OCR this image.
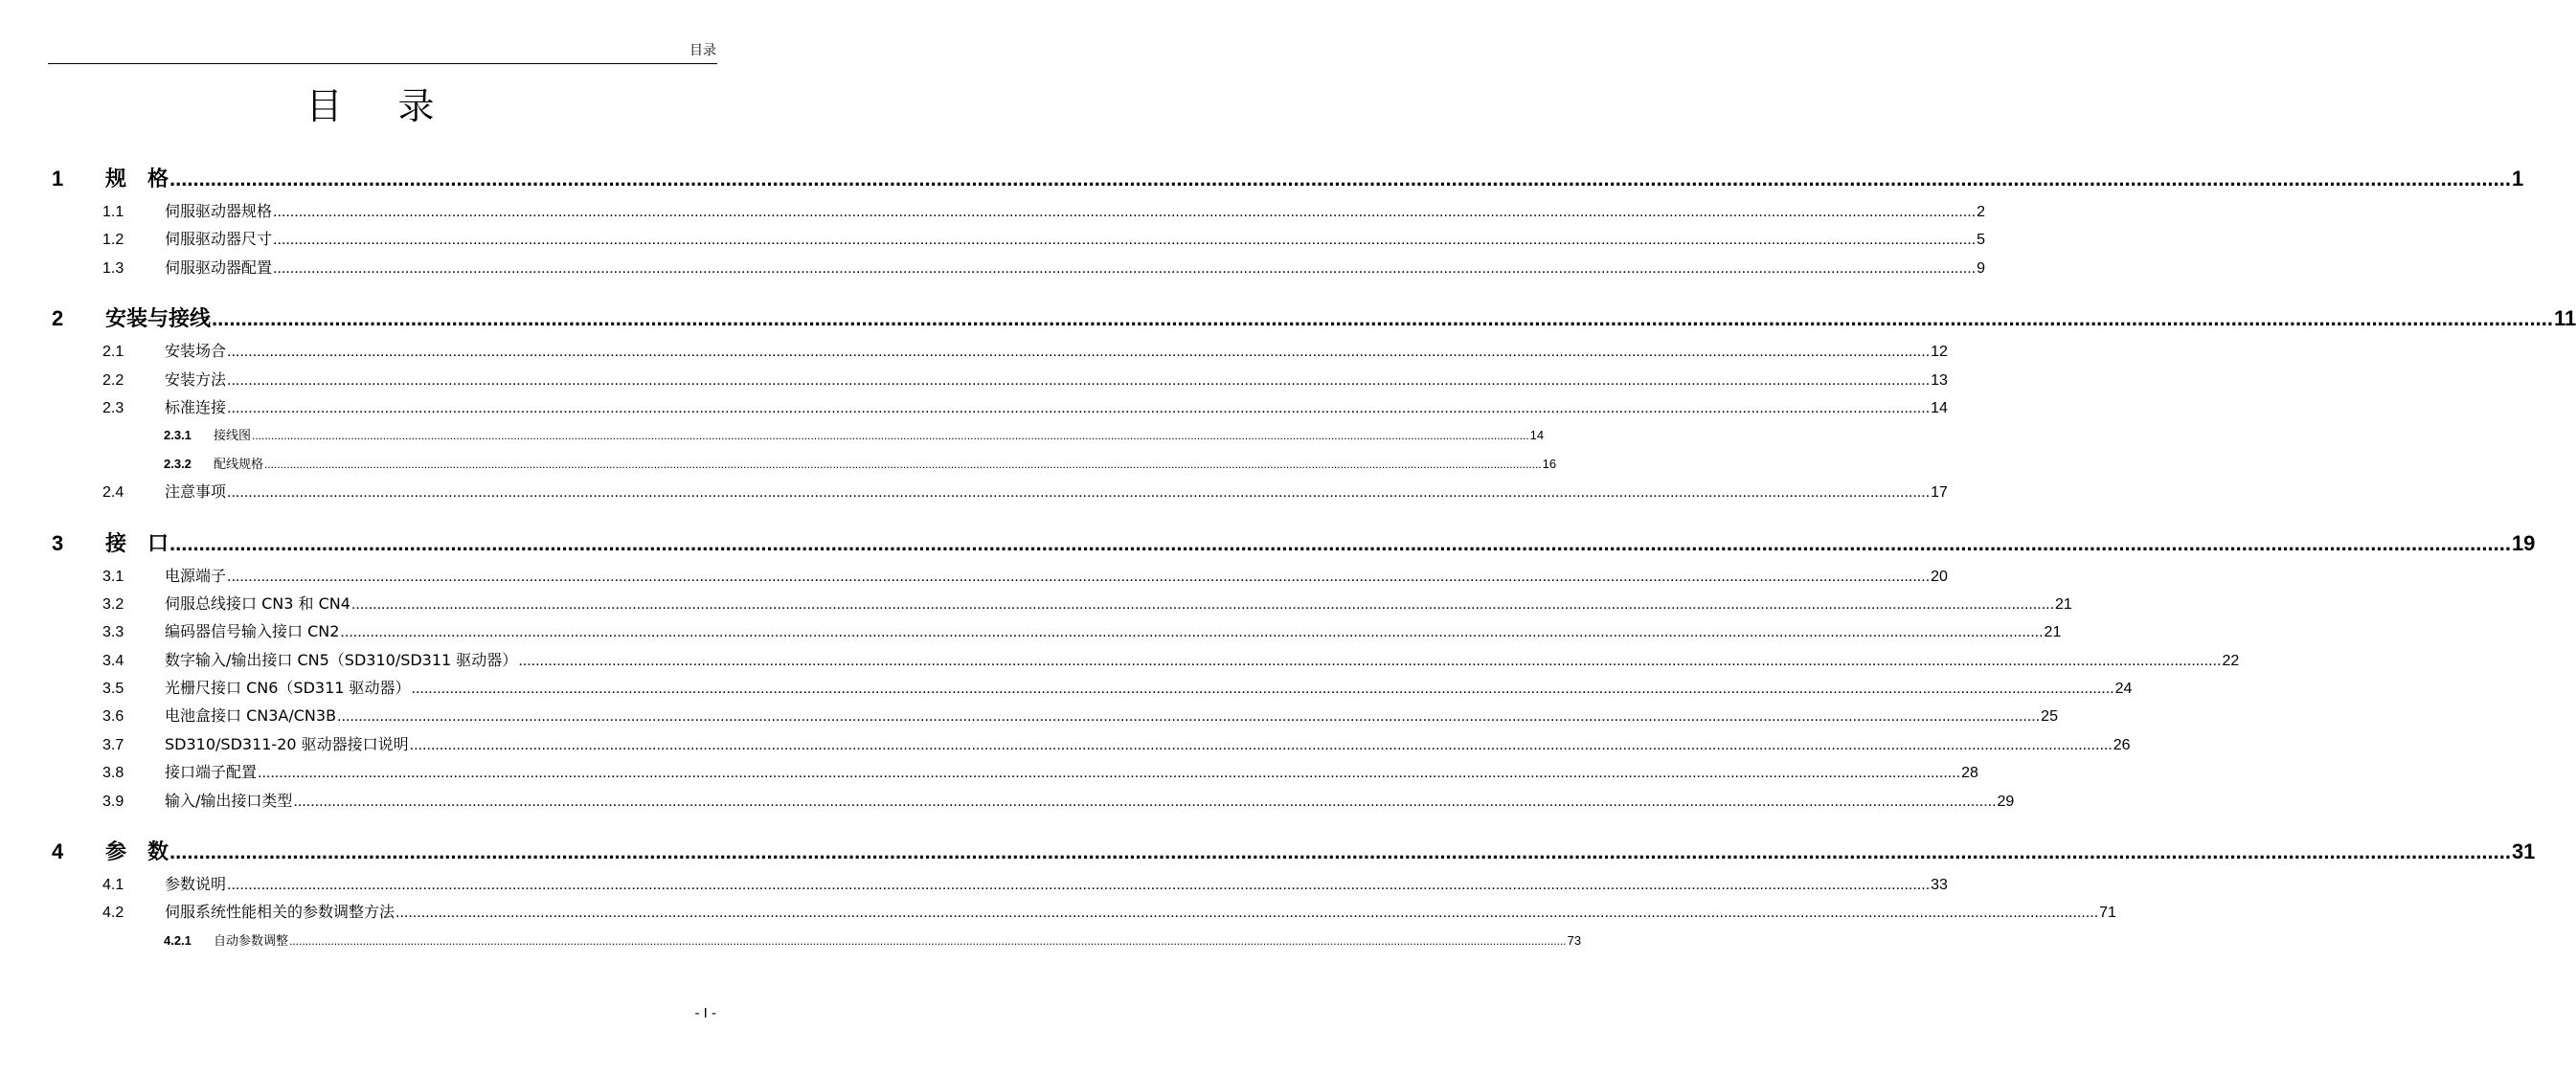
目录
目录
1	规　格 ................................................................................................................................................................................................................................................................................................................................................................................................................ 1
1.1	伺服驱动器规格 ................................................................................................................................................................................................................................................................................................................................................................................................................ 2
1.2	伺服驱动器尺寸 ................................................................................................................................................................................................................................................................................................................................................................................................................ 5
1.3	伺服驱动器配置 ................................................................................................................................................................................................................................................................................................................................................................................................................ 9
2	安装与接线 ................................................................................................................................................................................................................................................................................................................................................................................................................ 11
2.1	安装场合 ................................................................................................................................................................................................................................................................................................................................................................................................................ 12
2.2	安装方法 ................................................................................................................................................................................................................................................................................................................................................................................................................ 13
2.3	标准连接 ................................................................................................................................................................................................................................................................................................................................................................................................................ 14
2.3.1	接线图 ................................................................................................................................................................................................................................................................................................................................................................................................................ 14
2.3.2	配线规格 ................................................................................................................................................................................................................................................................................................................................................................................................................ 16
2.4	注意事项 ................................................................................................................................................................................................................................................................................................................................................................................................................ 17
3	接　口 ................................................................................................................................................................................................................................................................................................................................................................................................................ 19
3.1	电源端子 ................................................................................................................................................................................................................................................................................................................................................................................................................ 20
3.2	伺服总线接口 CN3 和 CN4 ................................................................................................................................................................................................................................................................................................................................................................................................................ 21
3.3	编码器信号输入接口 CN2 ................................................................................................................................................................................................................................................................................................................................................................................................................ 21
3.4	数字输入/输出接口 CN5（SD310/SD311 驱动器） ................................................................................................................................................................................................................................................................................................................................................................................................................ 22
3.5	光栅尺接口 CN6（SD311 驱动器） ................................................................................................................................................................................................................................................................................................................................................................................................................ 24
3.6	电池盒接口 CN3A/CN3B ................................................................................................................................................................................................................................................................................................................................................................................................................ 25
3.7	SD310/SD311-20 驱动器接口说明 ................................................................................................................................................................................................................................................................................................................................................................................................................ 26
3.8	接口端子配置 ................................................................................................................................................................................................................................................................................................................................................................................................................ 28
3.9	输入/输出接口类型 ................................................................................................................................................................................................................................................................................................................................................................................................................ 29
4	参　数 ................................................................................................................................................................................................................................................................................................................................................................................................................ 31
4.1	参数说明 ................................................................................................................................................................................................................................................................................................................................................................................................................ 33
4.2	伺服系统性能相关的参数调整方法 ................................................................................................................................................................................................................................................................................................................................................................................................................ 71
4.2.1	自动参数调整 ................................................................................................................................................................................................................................................................................................................................................................................................................ 73
- I -
